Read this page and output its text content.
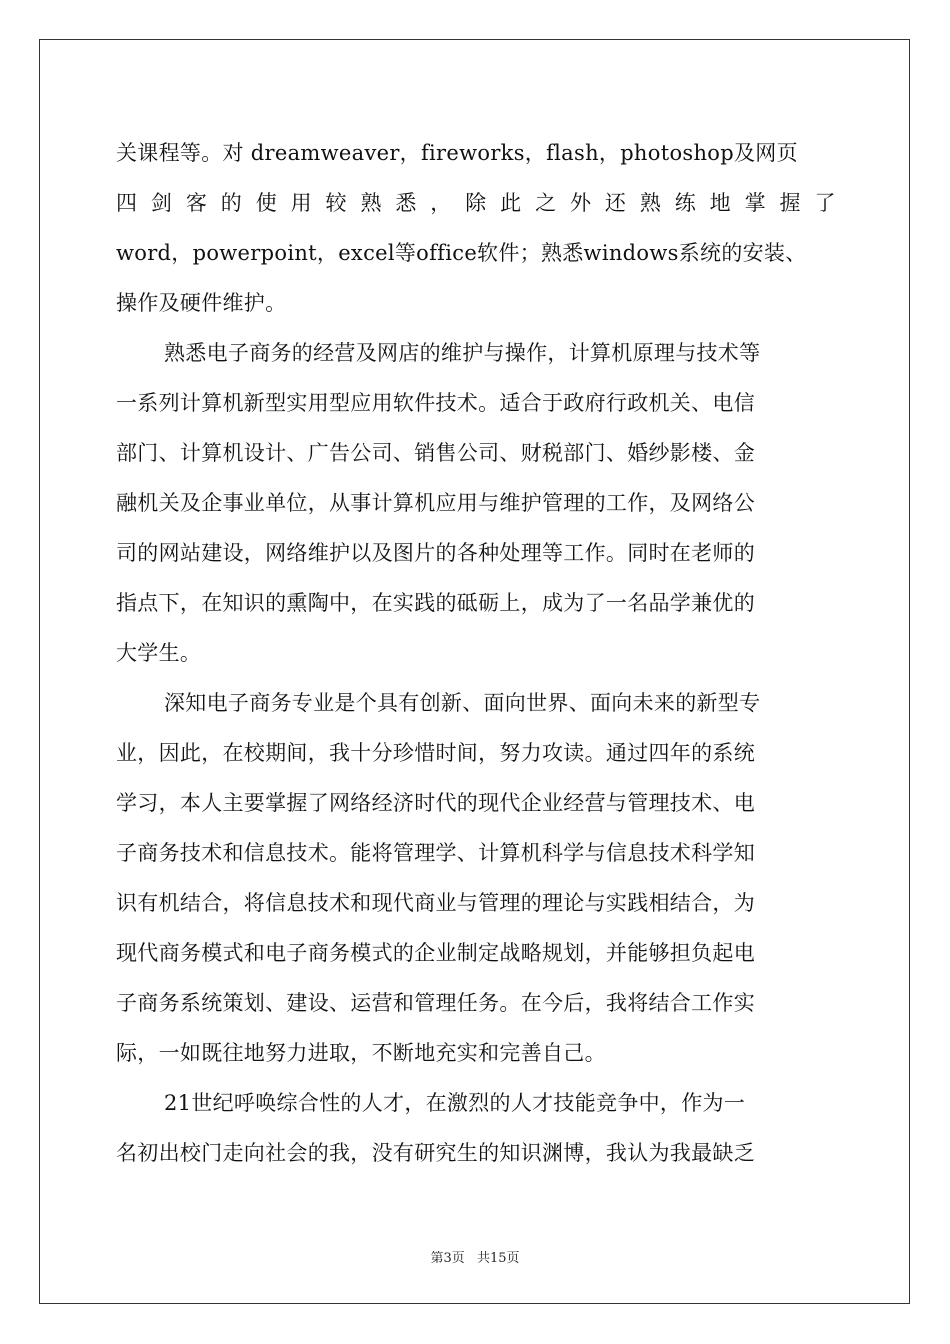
关课程等。对 dreamweaver，fireworks，flash，photoshop及网页
四 剑 客 的 使 用 较 熟 悉 ， 除 此 之 外 还 熟 练 地 掌 握 了
word，powerpoint，excel等office软件；熟悉windows系统的安装、
操作及硬件维护。
熟悉电子商务的经营及网店的维护与操作，计算机原理与技术等
一系列计算机新型实用型应用软件技术。适合于政府行政机关、电信
部门、计算机设计、广告公司、销售公司、财税部门、婚纱影楼、金
融机关及企事业单位，从事计算机应用与维护管理的工作，及网络公
司的网站建设，网络维护以及图片的各种处理等工作。同时在老师的
指点下，在知识的熏陶中，在实践的砥砺上，成为了一名品学兼优的
大学生。
深知电子商务专业是个具有创新、面向世界、面向未来的新型专
业，因此，在校期间，我十分珍惜时间，努力攻读。通过四年的系统
学习，本人主要掌握了网络经济时代的现代企业经营与管理技术、电
子商务技术和信息技术。能将管理学、计算机科学与信息技术科学知
识有机结合，将信息技术和现代商业与管理的理论与实践相结合，为
现代商务模式和电子商务模式的企业制定战略规划，并能够担负起电
子商务系统策划、建设、运营和管理任务。在今后，我将结合工作实
际，一如既往地努力进取，不断地充实和完善自己。
21世纪呼唤综合性的人才，在激烈的人才技能竞争中，作为一
名初出校门走向社会的我，没有研究生的知识渊博，我认为我最缺乏
第3页 共15页
